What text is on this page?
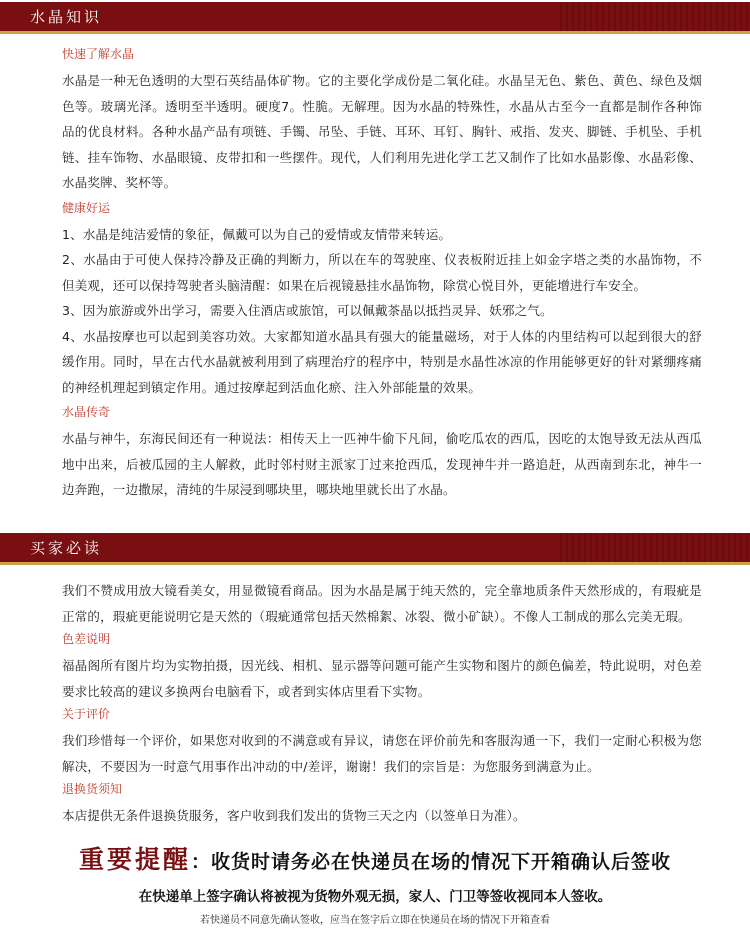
水晶知识
快速了解水晶

水晶是一种无色透明的大型石英结晶体矿物。它的主要化学成份是二氧化硅。水晶呈无色、紫色、黄色、绿色及烟色等。玻璃光泽。透明至半透明。硬度7。性脆。无解理。因为水晶的特殊性，水晶从古至今一直都是制作各种饰品的优良材料。各种水晶产品有项链、手镯、吊坠、手链、耳环、耳钉、胸针、戒指、发夹、脚链、手机坠、手机链、挂车饰物、水晶眼镜、皮带扣和一些摆件。现代，人们利用先进化学工艺又制作了比如水晶影像、水晶彩像、水晶奖牌、奖杯等。

健康好运

1、水晶是纯洁爱情的象征，佩戴可以为自己的爱情或友情带来转运。

2、水晶由于可使人保持冷静及正确的判断力，所以在车的驾驶座、仪表板附近挂上如金字塔之类的水晶饰物，不但美观，还可以保持驾驶者头脑清醒：如果在后视镜悬挂水晶饰物，除赏心悦目外，更能增进行车安全。

3、因为旅游或外出学习，需要入住酒店或旅馆，可以佩戴茶晶以抵挡灵异、妖邪之气。

4、水晶按摩也可以起到美容功效。大家都知道水晶具有强大的能量磁场，对于人体的内里结构可以起到很大的舒缓作用。同时，早在古代水晶就被利用到了病理治疗的程序中，特别是水晶性冰凉的作用能够更好的针对紧绷疼痛的神经机理起到镇定作用。通过按摩起到活血化瘀、注入外部能量的效果。

水晶传奇

水晶与神牛，东海民间还有一种说法：相传天上一匹神牛偷下凡间，偷吃瓜农的西瓜，因吃的太饱导致无法从西瓜地中出来，后被瓜园的主人解救，此时邻村财主派家丁过来抢西瓜，发现神牛并一路追赶，从西南到东北，神牛一边奔跑，一边撒尿，清纯的牛尿浸到哪块里，哪块地里就长出了水晶。

买家必读

我们不赞成用放大镜看美女，用显微镜看商品。因为水晶是属于纯天然的，完全靠地质条件天然形成的，有瑕疵是正常的，瑕疵更能说明它是天然的（瑕疵通常包括天然棉絮、冰裂、微小矿缺）。不像人工制成的那么完美无瑕。

色差说明

福晶阁所有图片均为实物拍摄，因光线、相机、显示器等问题可能产生实物和图片的颜色偏差，特此说明，对色差要求比较高的建议多换两台电脑看下，或者到实体店里看下实物。

关于评价

我们珍惜每一个评价，如果您对收到的不满意或有异议，请您在评价前先和客服沟通一下，我们一定耐心积极为您解决，不要因为一时意气用事作出冲动的中/差评，谢谢！我们的宗旨是：为您服务到满意为止。

退换货须知

本店提供无条件退换货服务，客户收到我们发出的货物三天之内（以签单日为准）。

重要提醒：收货时请务必在快递员在场的情况下开箱确认后签收
在快递单上签字确认将被视为货物外观无损，家人、门卫等签收视同本人签收。
若快递员不同意先确认签收，应当在签字后立即在快递员在场的情况下开箱查看
